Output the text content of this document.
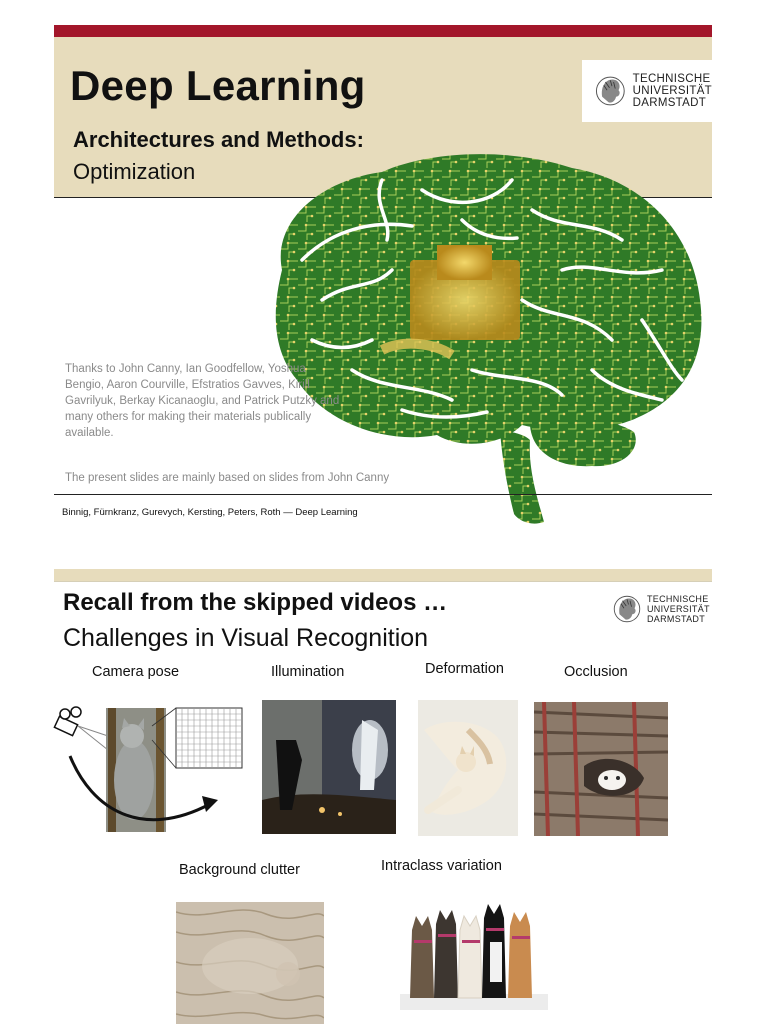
Deep Learning
Architectures and Methods:
Optimization
TECHNISCHE
UNIVERSITÄT
DARMSTADT
Thanks to John Canny, Ian Goodfellow, Yoshua Bengio, Aaron Courville, Efstratios Gavves, Kirill Gavrilyuk, Berkay Kicanaoglu, and Patrick Putzky and many others for making their materials publically available.
The present slides are mainly based on slides from John Canny
Binnig, Fürnkranz, Gurevych, Kersting, Peters, Roth — Deep Learning
Recall from the skipped videos …
Challenges in Visual Recognition
TECHNISCHE
UNIVERSITÄT
DARMSTADT
Camera pose	Illumination	Deformation	Occlusion
Background clutter	Intraclass variation
